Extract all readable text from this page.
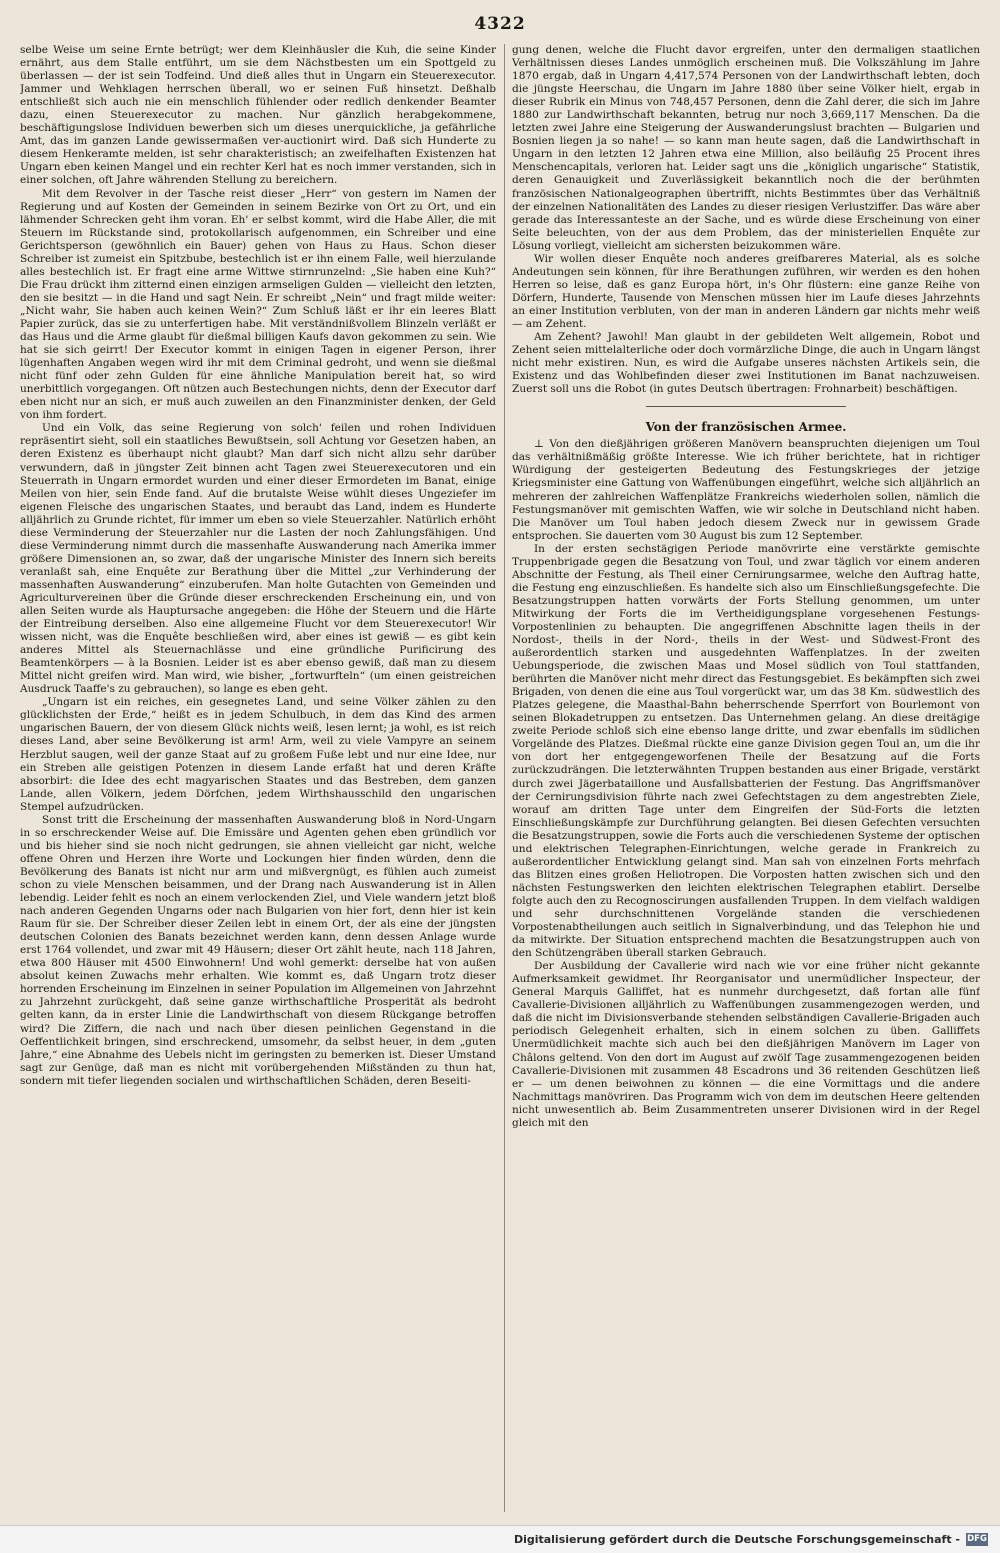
4322

selbe Weise um seine Ernte betrügt; wer dem Kleinhäusler die Kuh, die seine Kinder ernährt, aus dem Stalle entführt, um sie dem Nächstbesten um ein Spottgeld zu überlassen — der ist sein Todfeind. Und dieß alles thut in Ungarn ein Steuerexecutor. Jammer und Wehklagen herrschen überall, wo er seinen Fuß hinsetzt. Deßhalb entschließt sich auch nie ein menschlich fühlender oder redlich denkender Beamter dazu, einen Steuerexecutor zu machen. Nur gänzlich herabgekommene, beschäftigungslose Individuen bewerben sich um dieses unerquickliche, ja gefährliche Amt, das im ganzen Lande gewissermaßen ver-auctionirt wird. Daß sich Hunderte zu diesem Henkeramte melden, ist sehr charakteristisch; an zweifelhaften Existenzen hat Ungarn eben keinen Mangel und ein rechter Kerl hat es noch immer verstanden, sich in einer solchen, oft Jahre währenden Stellung zu bereichern.

Mit dem Revolver in der Tasche reist dieser „Herr“ von gestern im Namen der Regierung und auf Kosten der Gemeinden in seinem Bezirke von Ort zu Ort, und ein lähmender Schrecken geht ihm voran. Eh' er selbst kommt, wird die Habe Aller, die mit Steuern im Rückstande sind, protokollarisch aufgenommen, ein Schreiber und eine Gerichtsperson (gewöhnlich ein Bauer) gehen von Haus zu Haus. Schon dieser Schreiber ist zumeist ein Spitzbube, bestechlich ist er ihn einem Falle, weil hierzulande alles bestechlich ist. Er fragt eine arme Wittwe stirnrunzelnd: „Sie haben eine Kuh?“ Die Frau drückt ihm zitternd einen einzigen armseligen Gulden — vielleicht den letzten, den sie besitzt — in die Hand und sagt Nein. Er schreibt „Nein“ und fragt milde weiter: „Nicht wahr, Sie haben auch keinen Wein?“ Zum Schluß läßt er ihr ein leeres Blatt Papier zurück, das sie zu unterfertigen habe. Mit verständnißvollem Blinzeln verläßt er das Haus und die Arme glaubt für dießmal billigen Kaufs davon gekommen zu sein. Wie hat sie sich geirrt! Der Executor kommt in einigen Tagen in eigener Person, ihrer lügenhaften Angaben wegen wird ihr mit dem Criminal gedroht, und wenn sie dießmal nicht fünf oder zehn Gulden für eine ähnliche Manipulation bereit hat, so wird unerbittlich vorgegangen. Oft nützen auch Bestechungen nichts, denn der Executor darf eben nicht nur an sich, er muß auch zuweilen an den Finanzminister denken, der Geld von ihm fordert.

Und ein Volk, das seine Regierung von solch' feilen und rohen Individuen repräsentirt sieht, soll ein staatliches Bewußtsein, soll Achtung vor Gesetzen haben, an deren Existenz es überhaupt nicht glaubt? Man darf sich nicht allzu sehr darüber verwundern, daß in jüngster Zeit binnen acht Tagen zwei Steuerexecutoren und ein Steuerrath in Ungarn ermordet wurden und einer dieser Ermordeten im Banat, einige Meilen von hier, sein Ende fand. Auf die brutalste Weise wühlt dieses Ungeziefer im eigenen Fleische des ungarischen Staates, und beraubt das Land, indem es Hunderte alljährlich zu Grunde richtet, für immer um eben so viele Steuerzahler. Natürlich erhöht diese Verminderung der Steuerzahler nur die Lasten der noch Zahlungsfähigen. Und diese Verminderung nimmt durch die massenhafte Auswanderung nach Amerika immer größere Dimensionen an, so zwar, daß der ungarische Minister des Innern sich bereits veranlaßt sah, eine Enquête zur Berathung über die Mittel „zur Verhinderung der massenhaften Auswanderung“ einzuberufen. Man holte Gutachten von Gemeinden und Agriculturvereinen über die Gründe dieser erschreckenden Erscheinung ein, und von allen Seiten wurde als Hauptursache angegeben: die Höhe der Steuern und die Härte der Eintreibung derselben. Also eine allgemeine Flucht vor dem Steuerexecutor! Wir wissen nicht, was die Enquête beschließen wird, aber eines ist gewiß — es gibt kein anderes Mittel als Steuernachlässe und eine gründliche Purificirung des Beamtenkörpers — à la Bosnien. Leider ist es aber ebenso gewiß, daß man zu diesem Mittel nicht greifen wird. Man wird, wie bisher, „fortwurfteln“ (um einen geistreichen Ausdruck Taaffe's zu gebrauchen), so lange es eben geht.

„Ungarn ist ein reiches, ein gesegnetes Land, und seine Völker zählen zu den glücklichsten der Erde,“ heißt es in jedem Schulbuch, in dem das Kind des armen ungarischen Bauern, der von diesem Glück nichts weiß, lesen lernt; ja wohl, es ist reich dieses Land, aber seine Bevölkerung ist arm! Arm, weil zu viele Vampyre an seinem Herzblut saugen, weil der ganze Staat auf zu großem Fuße lebt und nur eine Idee, nur ein Streben alle geistigen Potenzen in diesem Lande erfaßt hat und deren Kräfte absorbirt: die Idee des echt magyarischen Staates und das Bestreben, dem ganzen Lande, allen Völkern, jedem Dörfchen, jedem Wirthshausschild den ungarischen Stempel aufzudrücken.

Sonst tritt die Erscheinung der massenhaften Auswanderung bloß in Nord-Ungarn in so erschreckender Weise auf. Die Emissäre und Agenten gehen eben gründlich vor und bis hieher sind sie noch nicht gedrungen, sie ahnen vielleicht gar nicht, welche offene Ohren und Herzen ihre Worte und Lockungen hier finden würden, denn die Bevölkerung des Banats ist nicht nur arm und mißvergnügt, es fühlen auch zumeist schon zu viele Menschen beisammen, und der Drang nach Auswanderung ist in Allen lebendig. Leider fehlt es noch an einem verlockenden Ziel, und Viele wandern jetzt bloß nach anderen Gegenden Ungarns oder nach Bulgarien von hier fort, denn hier ist kein Raum für sie. Der Schreiber dieser Zeilen lebt in einem Ort, der als eine der jüngsten deutschen Colonien des Banats bezeichnet werden kann, denn dessen Anlage wurde erst 1764 vollendet, und zwar mit 49 Häusern; dieser Ort zählt heute, nach 118 Jahren, etwa 800 Häuser mit 4500 Einwohnern! Und wohl gemerkt: derselbe hat von außen absolut keinen Zuwachs mehr erhalten. Wie kommt es, daß Ungarn trotz dieser horrenden Erscheinung im Einzelnen in seiner Population im Allgemeinen von Jahrzehnt zu Jahrzehnt zurückgeht, daß seine ganze wirthschaftliche Prosperität als bedroht gelten kann, da in erster Linie die Landwirthschaft von diesem Rückgange betroffen wird? Die Ziffern, die nach und nach über diesen peinlichen Gegenstand in die Oeffentlichkeit bringen, sind erschreckend, umsomehr, da selbst heuer, in dem „guten Jahre,“ eine Abnahme des Uebels nicht im geringsten zu bemerken ist. Dieser Umstand sagt zur Genüge, daß man es nicht mit vorübergehenden Mißständen zu thun hat, sondern mit tiefer liegenden socialen und wirthschaftlichen Schäden, deren Beseiti-

gung denen, welche die Flucht davor ergreifen, unter den dermaligen staatlichen Verhältnissen dieses Landes unmöglich erscheinen muß. Die Volkszählung im Jahre 1870 ergab, daß in Ungarn 4,417,574 Personen von der Landwirthschaft lebten, doch die jüngste Heerschau, die Ungarn im Jahre 1880 über seine Völker hielt, ergab in dieser Rubrik ein Minus von 748,457 Personen, denn die Zahl derer, die sich im Jahre 1880 zur Landwirthschaft bekannten, betrug nur noch 3,669,117 Menschen. Da die letzten zwei Jahre eine Steigerung der Auswanderungslust brachten — Bulgarien und Bosnien liegen ja so nahe! — so kann man heute sagen, daß die Landwirthschaft in Ungarn in den letzten 12 Jahren etwa eine Million, also beiläufig 25 Procent ihres Menschencapitals, verloren hat. Leider sagt uns die „königlich ungarische“ Statistik, deren Genauigkeit und Zuverlässigkeit bekanntlich noch die der berühmten französischen Nationalgeographen übertrifft, nichts Bestimmtes über das Verhältniß der einzelnen Nationalitäten des Landes zu dieser riesigen Verlustziffer. Das wäre aber gerade das Interessanteste an der Sache, und es würde diese Erscheinung von einer Seite beleuchten, von der aus dem Problem, das der ministeriellen Enquête zur Lösung vorliegt, vielleicht am sichersten beizukommen wäre.

Wir wollen dieser Enquête noch anderes greifbareres Material, als es solche Andeutungen sein können, für ihre Berathungen zuführen, wir werden es den hohen Herren so leise, daß es ganz Europa hört, in's Ohr flüstern: eine ganze Reihe von Dörfern, Hunderte, Tausende von Menschen müssen hier im Laufe dieses Jahrzehnts an einer Institution verbluten, von der man in anderen Ländern gar nichts mehr weiß — am Zehent.

Am Zehent? Jawohl! Man glaubt in der gebildeten Welt allgemein, Robot und Zehent seien mittelalterliche oder doch vormärzliche Dinge, die auch in Ungarn längst nicht mehr existiren. Nun, es wird die Aufgabe unseres nächsten Artikels sein, die Existenz und das Wohlbefinden dieser zwei Institutionen im Banat nachzuweisen. Zuerst soll uns die Robot (in gutes Deutsch übertragen: Frohnarbeit) beschäftigen.

Von der französischen Armee.

⊥ Von den dießjährigen größeren Manövern beanspruchten diejenigen um Toul das verhältnißmäßig größte Interesse. Wie ich früher berichtete, hat in richtiger Würdigung der gesteigerten Bedeutung des Festungskrieges der jetzige Kriegsminister eine Gattung von Waffenübungen eingeführt, welche sich alljährlich an mehreren der zahlreichen Waffenplätze Frankreichs wiederholen sollen, nämlich die Festungsmanöver mit gemischten Waffen, wie wir solche in Deutschland nicht haben. Die Manöver um Toul haben jedoch diesem Zweck nur in gewissem Grade entsprochen. Sie dauerten vom 30 August bis zum 12 September.

In der ersten sechstägigen Periode manövrirte eine verstärkte gemischte Truppenbrigade gegen die Besatzung von Toul, und zwar täglich vor einem anderen Abschnitte der Festung, als Theil einer Cernirungsarmee, welche den Auftrag hatte, die Festung eng einzuschließen. Es handelte sich also um Einschließungsgefechte. Die Besatzungstruppen hatten vorwärts der Forts Stellung genommen, um unter Mitwirkung der Forts die im Vertheidigungsplane vorgesehenen Festungs-Vorpostenlinien zu behaupten. Die angegriffenen Abschnitte lagen theils in der Nordost-, theils in der Nord-, theils in der West- und Südwest-Front des außerordentlich starken und ausgedehnten Waffenplatzes. In der zweiten Uebungsperiode, die zwischen Maas und Mosel südlich von Toul stattfanden, berührten die Manöver nicht mehr direct das Festungsgebiet. Es bekämpften sich zwei Brigaden, von denen die eine aus Toul vorgerückt war, um das 38 Km. südwestlich des Platzes gelegene, die Maasthal-Bahn beherrschende Sperrfort von Bourlemont von seinen Blokadetruppen zu entsetzen. Das Unternehmen gelang. An diese dreitägige zweite Periode schloß sich eine ebenso lange dritte, und zwar ebenfalls im südlichen Vorgelände des Platzes. Dießmal rückte eine ganze Division gegen Toul an, um die ihr von dort her entgegengeworfenen Theile der Besatzung auf die Forts zurückzudrängen. Die letzterwähnten Truppen bestanden aus einer Brigade, verstärkt durch zwei Jägerbataillone und Ausfallsbatterien der Festung. Das Angriffsmanöver der Cernirungsdivision führte nach zwei Gefechtstagen zu dem angestrebten Ziele, worauf am dritten Tage unter dem Eingreifen der Süd-Forts die letzten Einschließungskämpfe zur Durchführung gelangten. Bei diesen Gefechten versuchten die Besatzungstruppen, sowie die Forts auch die verschiedenen Systeme der optischen und elektrischen Telegraphen-Einrichtungen, welche gerade in Frankreich zu außerordentlicher Entwicklung gelangt sind. Man sah von einzelnen Forts mehrfach das Blitzen eines großen Heliotropen. Die Vorposten hatten zwischen sich und den nächsten Festungswerken den leichten elektrischen Telegraphen etablirt. Derselbe folgte auch den zu Recognoscirungen ausfallenden Truppen. In dem vielfach waldigen und sehr durchschnittenen Vorgelände standen die verschiedenen Vorpostenabtheilungen auch seitlich in Signalverbindung, und das Telephon hie und da mitwirkte. Der Situation entsprechend machten die Besatzungstruppen auch von den Schützengräben überall starken Gebrauch.

Der Ausbildung der Cavallerie wird nach wie vor eine früher nicht gekannte Aufmerksamkeit gewidmet. Ihr Reorganisator und unermüdlicher Inspecteur, der General Marquis Galliffet, hat es nunmehr durchgesetzt, daß fortan alle fünf Cavallerie-Divisionen alljährlich zu Waffenübungen zusammengezogen werden, und daß die nicht im Divisionsverbande stehenden selbständigen Cavallerie-Brigaden auch periodisch Gelegenheit erhalten, sich in einem solchen zu üben. Galliffets Unermüdlichkeit machte sich auch bei den dießjährigen Manövern im Lager von Châlons geltend. Von den dort im August auf zwölf Tage zusammengezogenen beiden Cavallerie-Divisionen mit zusammen 48 Escadrons und 36 reitenden Geschützen ließ er — um denen beiwohnen zu können — die eine Vormittags und die andere Nachmittags manövriren. Das Programm wich von dem im deutschen Heere geltenden nicht unwesentlich ab. Beim Zusammentreten unserer Divisionen wird in der Regel gleich mit den

Digitalisierung gefördert durch die Deutsche Forschungsgemeinschaft - DFG
